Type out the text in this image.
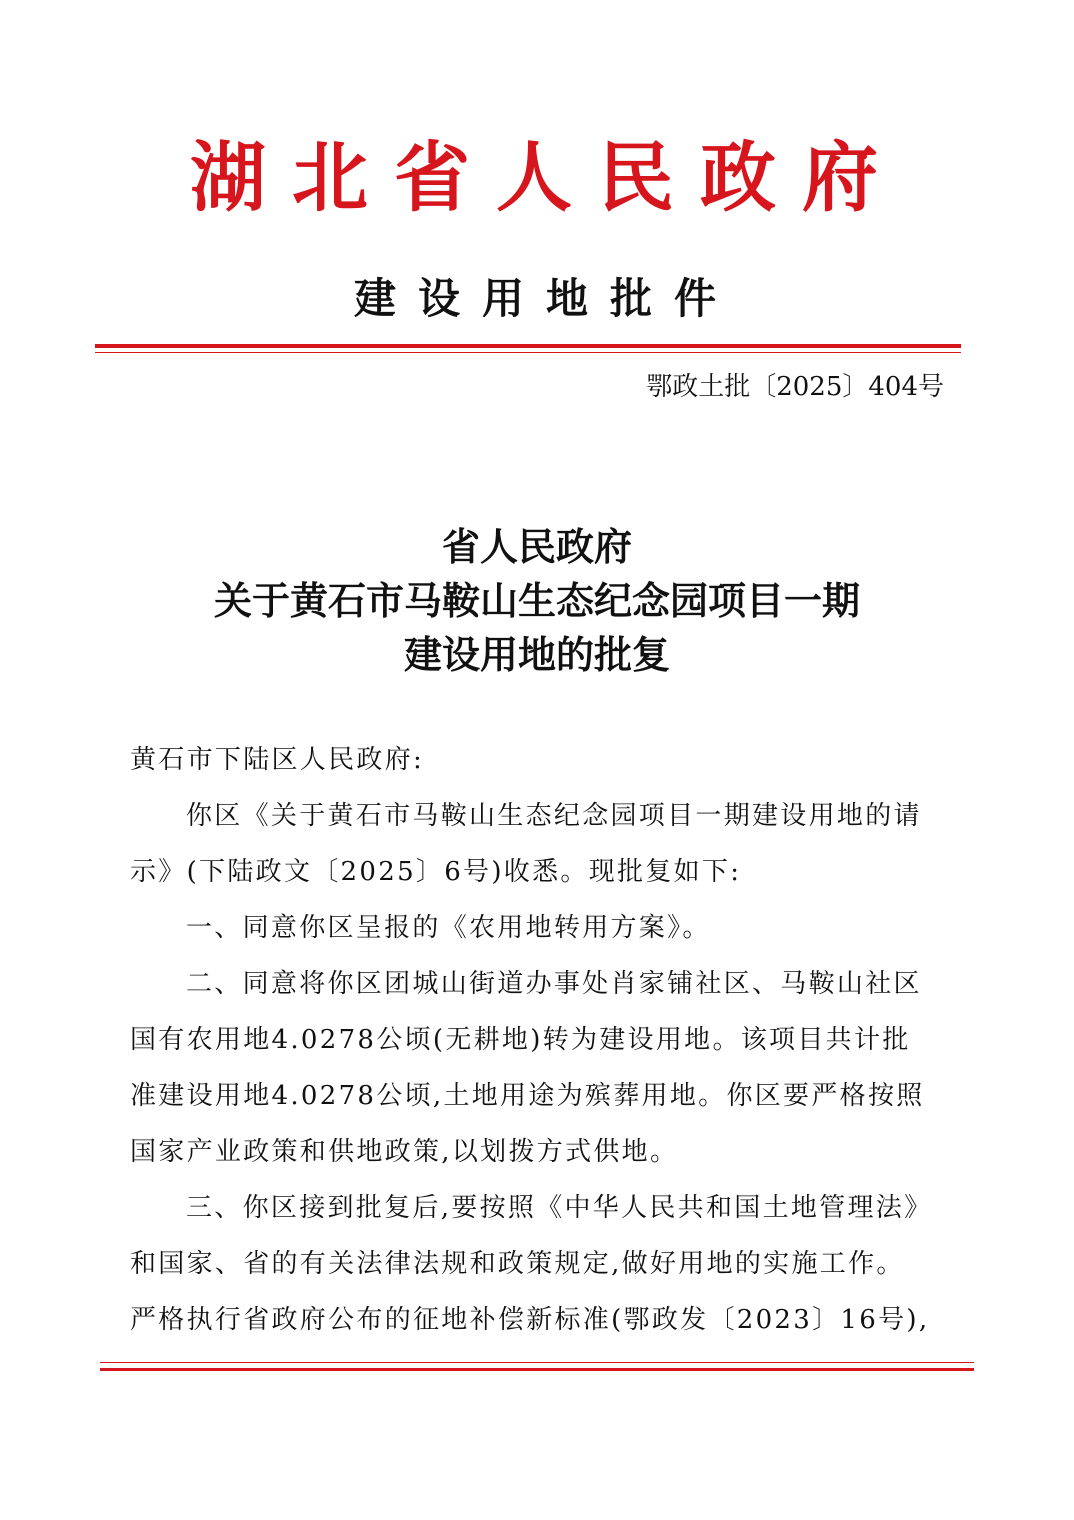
湖北省人民政府
建设用地批件
鄂政土批〔2025〕404号
省人民政府
关于黄石市马鞍山生态纪念园项目一期
建设用地的批复

黄石市下陆区人民政府:

你区《关于黄石市马鞍山生态纪念园项目一期建设用地的请

示》(下陆政文〔2025〕6号)收悉。现批复如下:

一、同意你区呈报的《农用地转用方案》。

二、同意将你区团城山街道办事处肖家铺社区、马鞍山社区

国有农用地4.0278公顷(无耕地)转为建设用地。该项目共计批

准建设用地4.0278公顷,土地用途为殡葬用地。你区要严格按照

国家产业政策和供地政策,以划拨方式供地。

三、你区接到批复后,要按照《中华人民共和国土地管理法》

和国家、省的有关法律法规和政策规定,做好用地的实施工作。

严格执行省政府公布的征地补偿新标准(鄂政发〔2023〕16号),
